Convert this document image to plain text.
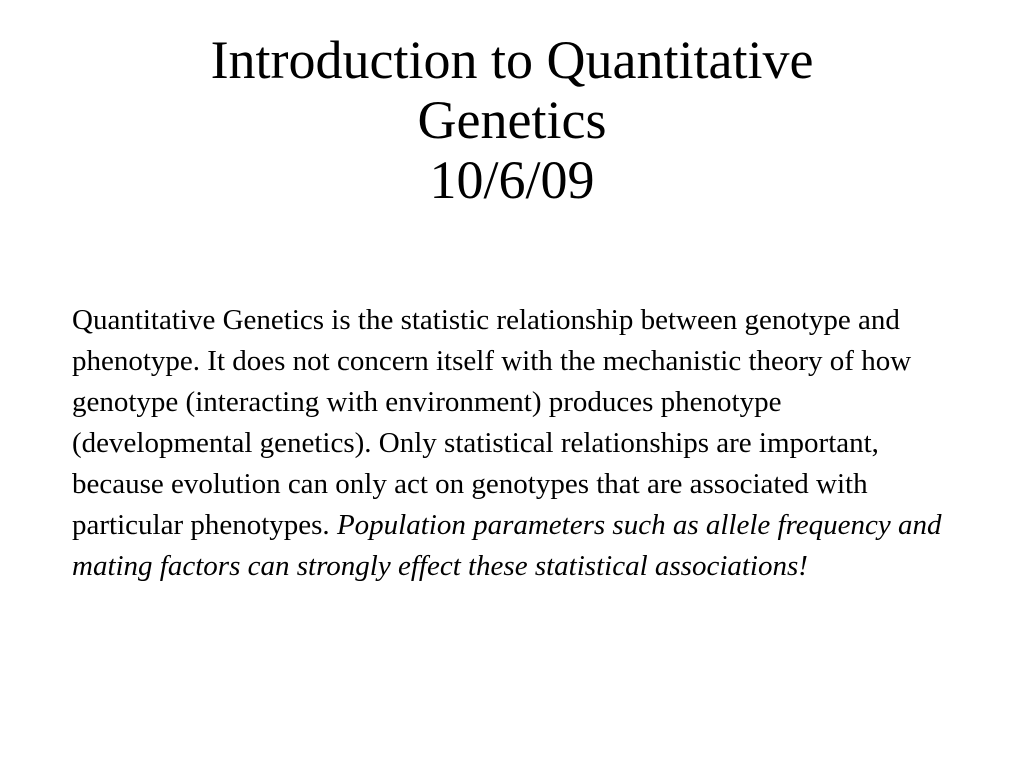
Introduction to Quantitative
Genetics
10/6/09

Quantitative Genetics is the statistic relationship between genotype and phenotype. It does not concern itself with the mechanistic theory of how genotype (interacting with environment) produces phenotype (developmental genetics). Only statistical relationships are important, because evolution can only act on genotypes that are associated with particular phenotypes. Population parameters such as allele frequency and mating factors can strongly effect these statistical associations!
